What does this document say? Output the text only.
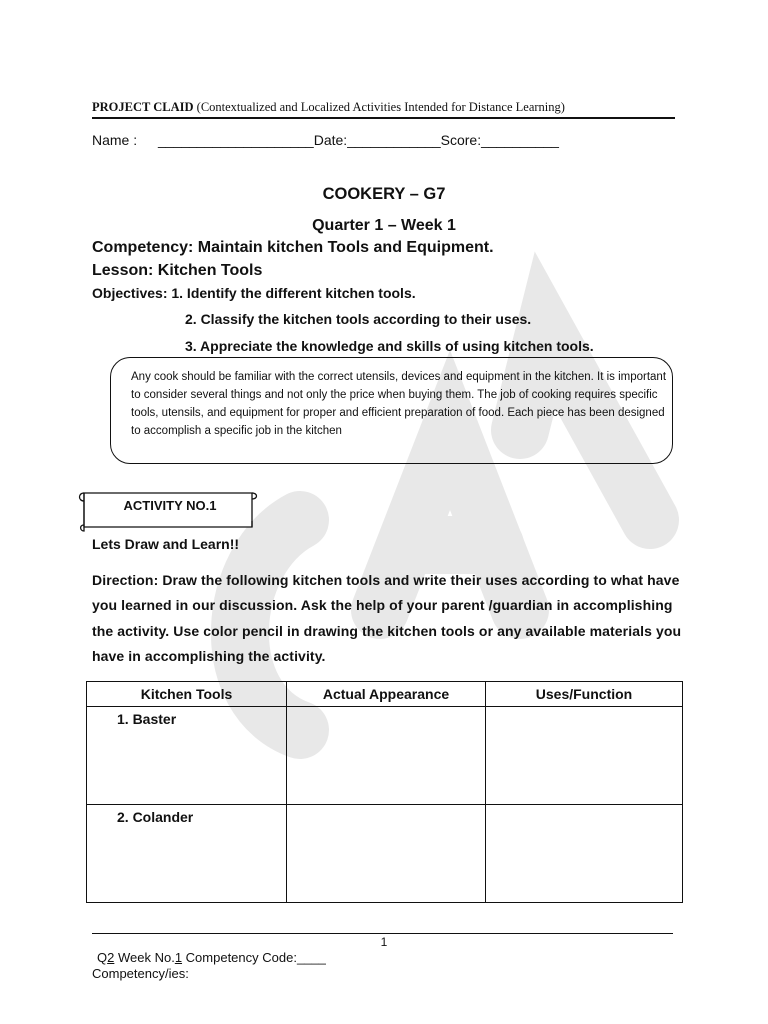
PROJECT CLAID (Contextualized and Localized Activities Intended for Distance Learning)
Name : ____________________Date:____________Score:__________
COOKERY – G7
Quarter 1 – Week 1
Competency: Maintain kitchen Tools and Equipment.
Lesson: Kitchen Tools
Objectives: 1. Identify the different kitchen tools.
2. Classify the kitchen tools according to their uses.
3. Appreciate the knowledge and skills of using kitchen tools.
Any cook should be familiar with the correct utensils, devices and equipment in the kitchen. It is important to consider several things and not only the price when buying them. The job of cooking requires specific tools, utensils, and equipment for proper and efficient preparation of food. Each piece has been designed to accomplish a specific job in the kitchen
ACTIVITY NO.1
Lets Draw and Learn!!
Direction: Draw the following kitchen tools and write their uses according to what have you learned in our discussion. Ask the help of your parent /guardian in accomplishing the activity. Use color pencil in drawing the kitchen tools or any available materials you have in accomplishing the activity.
Kitchen Tools	Actual Appearance	Uses/Function
1. Baster		
2. Colander		
1
Q2 Week No.1 Competency Code:____
Competency/ies:
